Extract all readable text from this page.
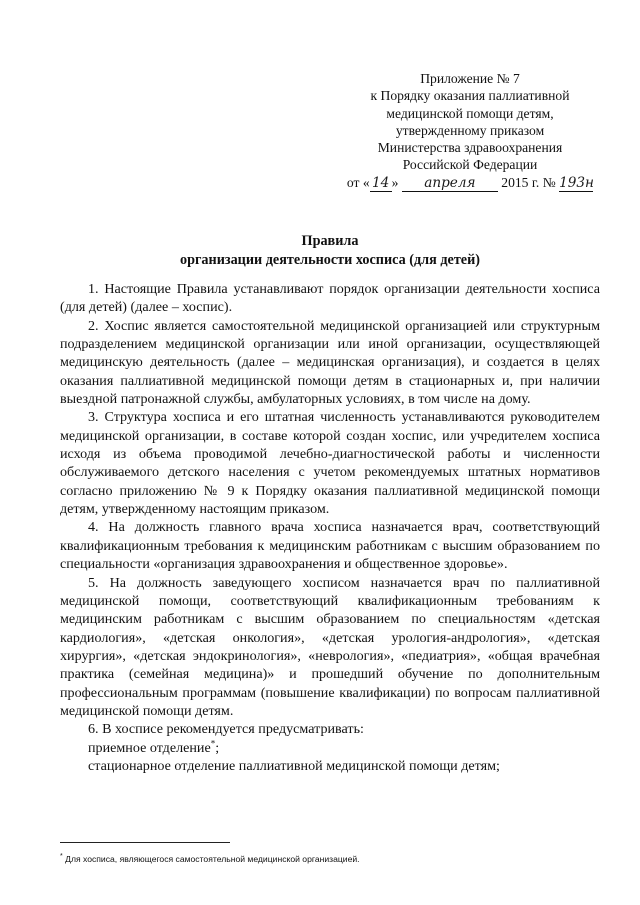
Приложение № 7
к Порядку оказания паллиативной
медицинской помощи детям,
утвержденному приказом
Министерства здравоохранения
Российской Федерации
от « 14 » апреля 2015 г. № 193н
Правила
организации деятельности хосписа (для детей)

1. Настоящие Правила устанавливают порядок организации деятельности хосписа (для детей) (далее – хоспис).

2. Хоспис является самостоятельной медицинской организацией или структурным подразделением медицинской организации или иной организации, осуществляющей медицинскую деятельность (далее – медицинская организация), и создается в целях оказания паллиативной медицинской помощи детям в стационарных и, при наличии выездной патронажной службы, амбулаторных условиях, в том числе на дому.

3. Структура хосписа и его штатная численность устанавливаются руководителем медицинской организации, в составе которой создан хоспис, или учредителем хосписа исходя из объема проводимой лечебно-диагностической работы и численности обслуживаемого детского населения с учетом рекомендуемых штатных нормативов согласно приложению № 9 к Порядку оказания паллиативной медицинской помощи детям, утвержденному настоящим приказом.

4. На должность главного врача хосписа назначается врач, соответствующий квалификационным требования к медицинским работникам с высшим образованием по специальности «организация здравоохранения и общественное здоровье».

5. На должность заведующего хосписом назначается врач по паллиативной медицинской помощи, соответствующий квалификационным требованиям к медицинским работникам с высшим образованием по специальностям «детская кардиология», «детская онкология», «детская урология-андрология», «детская хирургия», «детская эндокринология», «неврология», «педиатрия», «общая врачебная практика (семейная медицина)» и прошедший обучение по дополнительным профессиональным программам (повышение квалификации) по вопросам паллиативной медицинской помощи детям.

6. В хосписе рекомендуется предусматривать:

приемное отделение*;

стационарное отделение паллиативной медицинской помощи детям;

* Для хосписа, являющегося самостоятельной медицинской организацией.
